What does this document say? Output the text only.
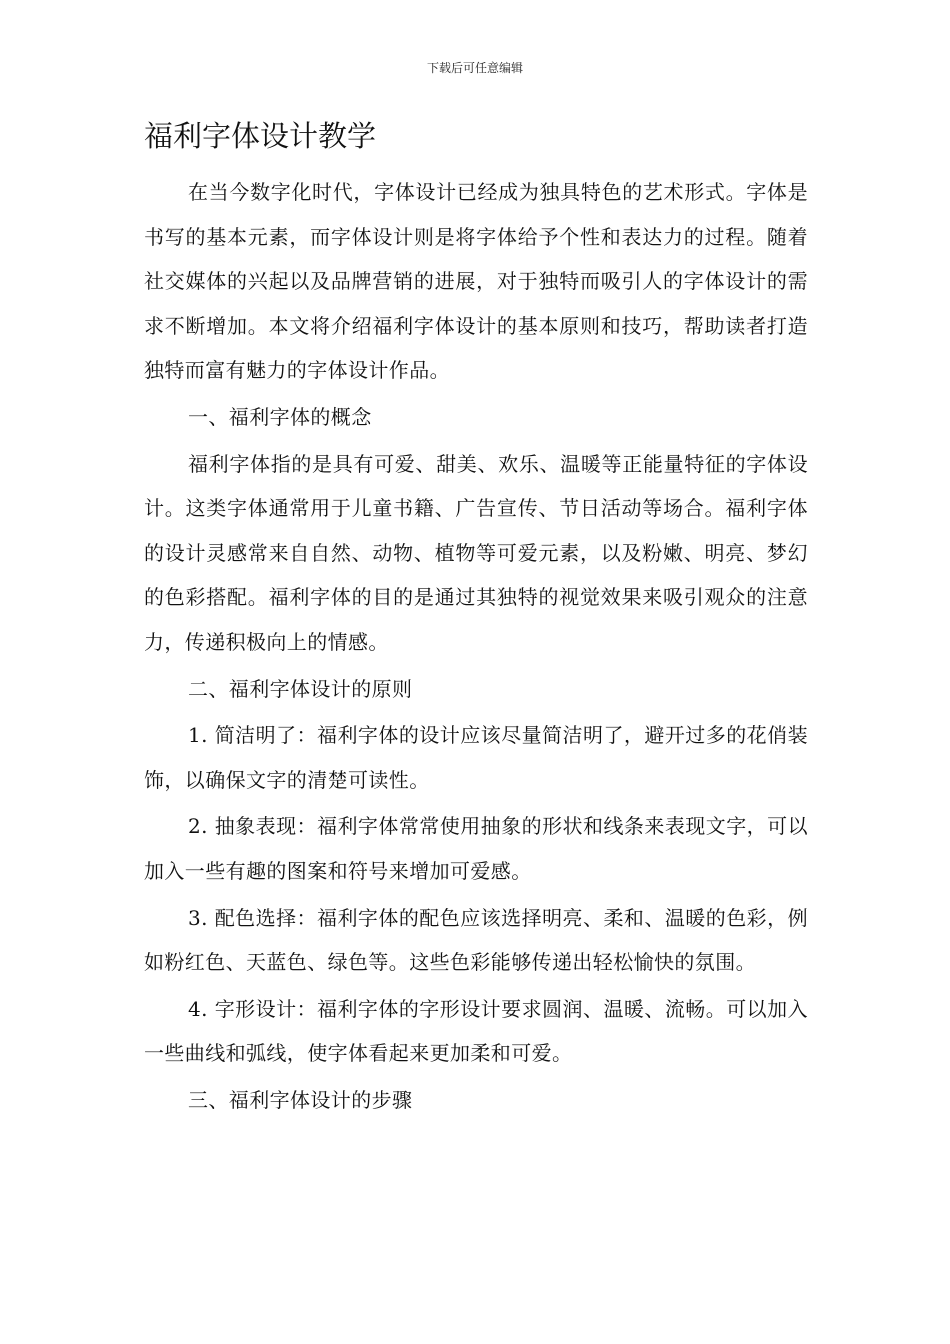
下载后可任意编辑
福利字体设计教学

在当今数字化时代，字体设计已经成为独具特色的艺术形式。字体是书写的基本元素，而字体设计则是将字体给予个性和表达力的过程。随着社交媒体的兴起以及品牌营销的进展，对于独特而吸引人的字体设计的需求不断增加。本文将介绍福利字体设计的基本原则和技巧，帮助读者打造独特而富有魅力的字体设计作品。

一、福利字体的概念

福利字体指的是具有可爱、甜美、欢乐、温暖等正能量特征的字体设计。这类字体通常用于儿童书籍、广告宣传、节日活动等场合。福利字体的设计灵感常来自自然、动物、植物等可爱元素，以及粉嫩、明亮、梦幻的色彩搭配。福利字体的目的是通过其独特的视觉效果来吸引观众的注意力，传递积极向上的情感。

二、福利字体设计的原则

1. 简洁明了：福利字体的设计应该尽量简洁明了，避开过多的花俏装饰，以确保文字的清楚可读性。

2. 抽象表现：福利字体常常使用抽象的形状和线条来表现文字，可以加入一些有趣的图案和符号来增加可爱感。

3. 配色选择：福利字体的配色应该选择明亮、柔和、温暖的色彩，例如粉红色、天蓝色、绿色等。这些色彩能够传递出轻松愉快的氛围。

4. 字形设计：福利字体的字形设计要求圆润、温暖、流畅。可以加入一些曲线和弧线，使字体看起来更加柔和可爱。

三、福利字体设计的步骤
